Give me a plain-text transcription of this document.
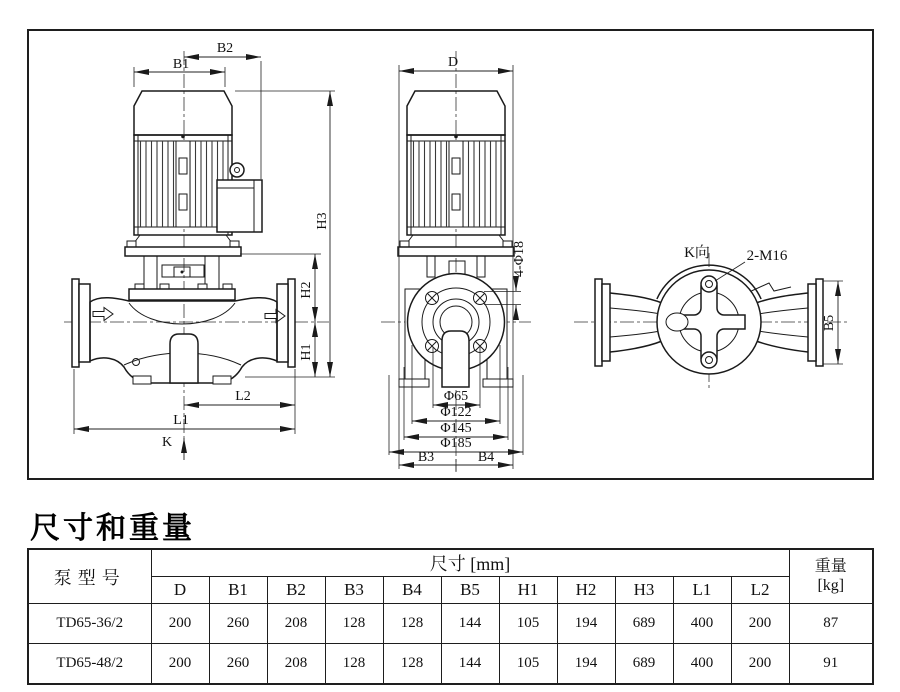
B1
B2
H3
H2
H1
L2
L1
K
D
4-Φ18
Φ65
Φ122
Φ145
Φ185
B3	B4
K向 2-M16
B5
尺寸和重量
泵型号	尺寸 [mm]											重量
[kg]

	D	B1	B2	B3	B4	B5	H1	H2	H3	L1	L2	
TD65-36/2	200	260	208	128	128	144	105	194	689	400	200	87
TD65-48/2	200	260	208	128	128	144	105	194	689	400	200	91
